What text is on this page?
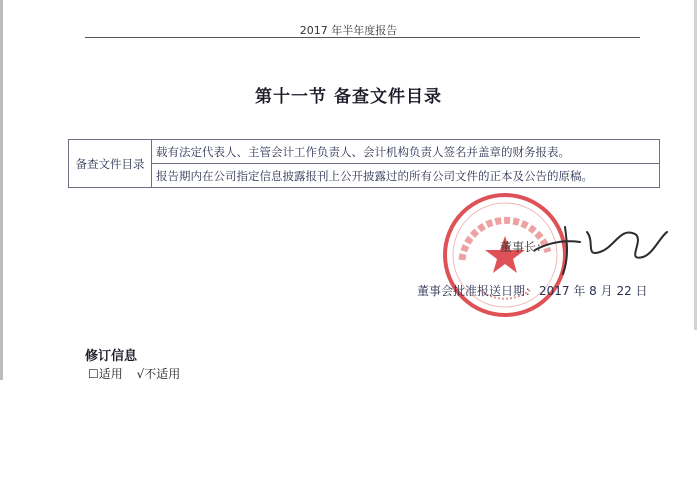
2017 年半年度报告
第十一节 备查文件目录
备查文件目录	载有法定代表人、主管会计工作负责人、会计机构负责人签名并盖章的财务报表。
报告期内在公司指定信息披露报刊上公开披露过的所有公司文件的正本及公告的原稿。
董事长：
董事会批准报送日期： 2017 年 8 月 22 日
修订信息
☐适用 √不适用
